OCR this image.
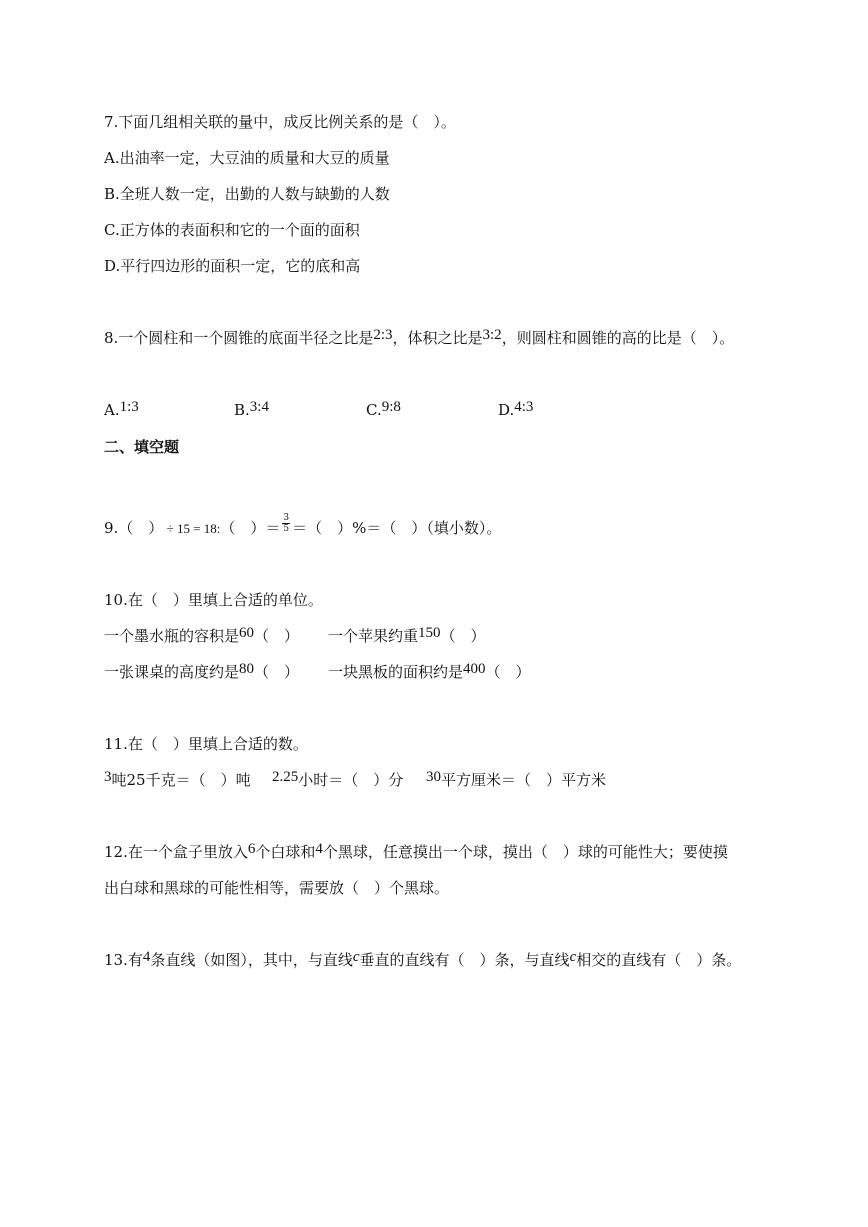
7.下面几组相关联的量中，成反比例关系的是（　）。
A.出油率一定，大豆油的质量和大豆的质量
B.全班人数一定，出勤的人数与缺勤的人数
C.正方体的表面积和它的一个面的面积
D.平行四边形的面积一定，它的底和高
8.一个圆柱和一个圆锥的底面半径之比是2:3，体积之比是3:2，则圆柱和圆锥的高的比是（　）。
A.1:3	B.3:4	C.9:8	D.4:3
二、填空题
9.（　） ÷ 15 = 18:（　）＝ $\frac{3}{5}$ ＝（　）%＝（　）（填小数）。
10.在（　）里填上合适的单位。
一个墨水瓶的容积是60（　） 一个苹果约重150（　）
一张课桌的高度约是80（　） 一块黑板的面积约是400（　）
11.在（　）里填上合适的数。
3吨25千克＝（　）吨 2.25小时＝（　）分 30平方厘米＝（　）平方米
12.在一个盒子里放入6个白球和4个黑球，任意摸出一个球，摸出（　）球的可能性大；要使摸
出白球和黑球的可能性相等，需要放（　）个黑球。
13.有4条直线（如图），其中，与直线c垂直的直线有（　）条，与直线c相交的直线有（　）条。
